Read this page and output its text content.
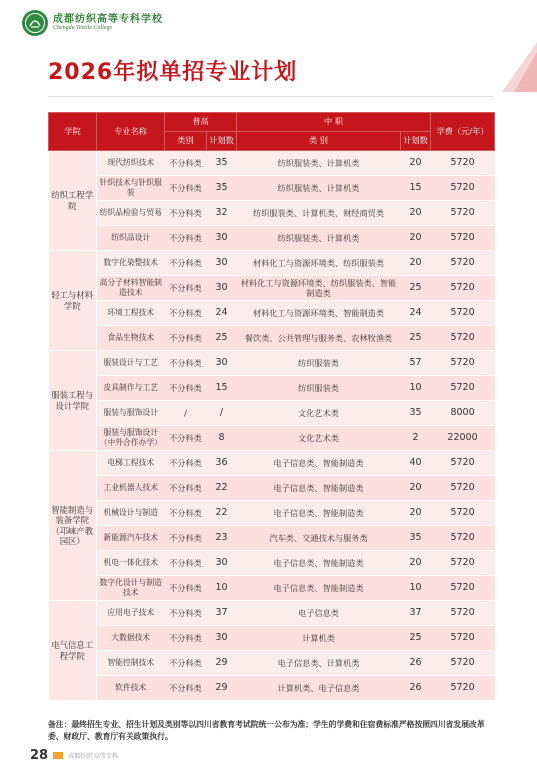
成都纺织高等专科学校
Chengdu Textile College
2026年拟单招专业计划
学院	专业名称	普高		中 职		学费（元/年）
		类别	计划数	类 别	计划数	
纺织工程学院	现代纺织技术	不分科类	35	纺织服装类、计算机类	20	5720
	针织技术与针织服装	不分科类	35	纺织服装类、计算机类	15	5720
	纺织品检验与贸易	不分科类	32	纺织服装类、计算机类、财经商贸类	20	5720
	纺织品设计	不分科类	30	纺织服装类、计算机类	20	5720
轻工与材料学院	数字化染整技术	不分科类	30	材料化工与资源环境类、纺织服装类	20	5720
	高分子材料智能制造技术	不分科类	30	材料化工与资源环境类、纺织服装类、智能制造类	25	5720
	环境工程技术	不分科类	24	材料化工与资源环境类、智能制造类	24	5720
	食品生物技术	不分科类	25	餐饮类、公共管理与服务类、农林牧渔类	25	5720
服装工程与设计学院	服装设计与工艺	不分科类	30	纺织服装类	57	5720
	皮具制作与工艺	不分科类	15	纺织服装类	10	5720
	服装与服饰设计	/	/	文化艺术类	35	8000
	服装与服饰设计（中外合作办学）	不分科类	8	文化艺术类	2	22000
智能制造与装备学院（邛崃产教园区）	电梯工程技术	不分科类	36	电子信息类、智能制造类	40	5720
	工业机器人技术	不分科类	22	电子信息类、智能制造类	20	5720
	机械设计与制造	不分科类	22	电子信息类、智能制造类	20	5720
	新能源汽车技术	不分科类	23	汽车类、交通技术与服务类	35	5720
	机电一体化技术	不分科类	30	电子信息类、智能制造类	20	5720
	数字化设计与制造技术	不分科类	10	电子信息类、智能制造类	10	5720
电气信息工程学院	应用电子技术	不分科类	37	电子信息类	37	5720
	大数据技术	不分科类	30	计算机类	25	5720
	智能控制技术	不分科类	29	电子信息类、计算机类	26	5720
	软件技术	不分科类	29	计算机类、电子信息类	26	5720

备注：最终招生专业、招生计划及类别等以四川省教育考试院统一公布为准；学生的学费和住宿费标准严格按照四川省发展改革委、财政厅、教育厅有关政策执行。

28	成都纺织 高等专科
